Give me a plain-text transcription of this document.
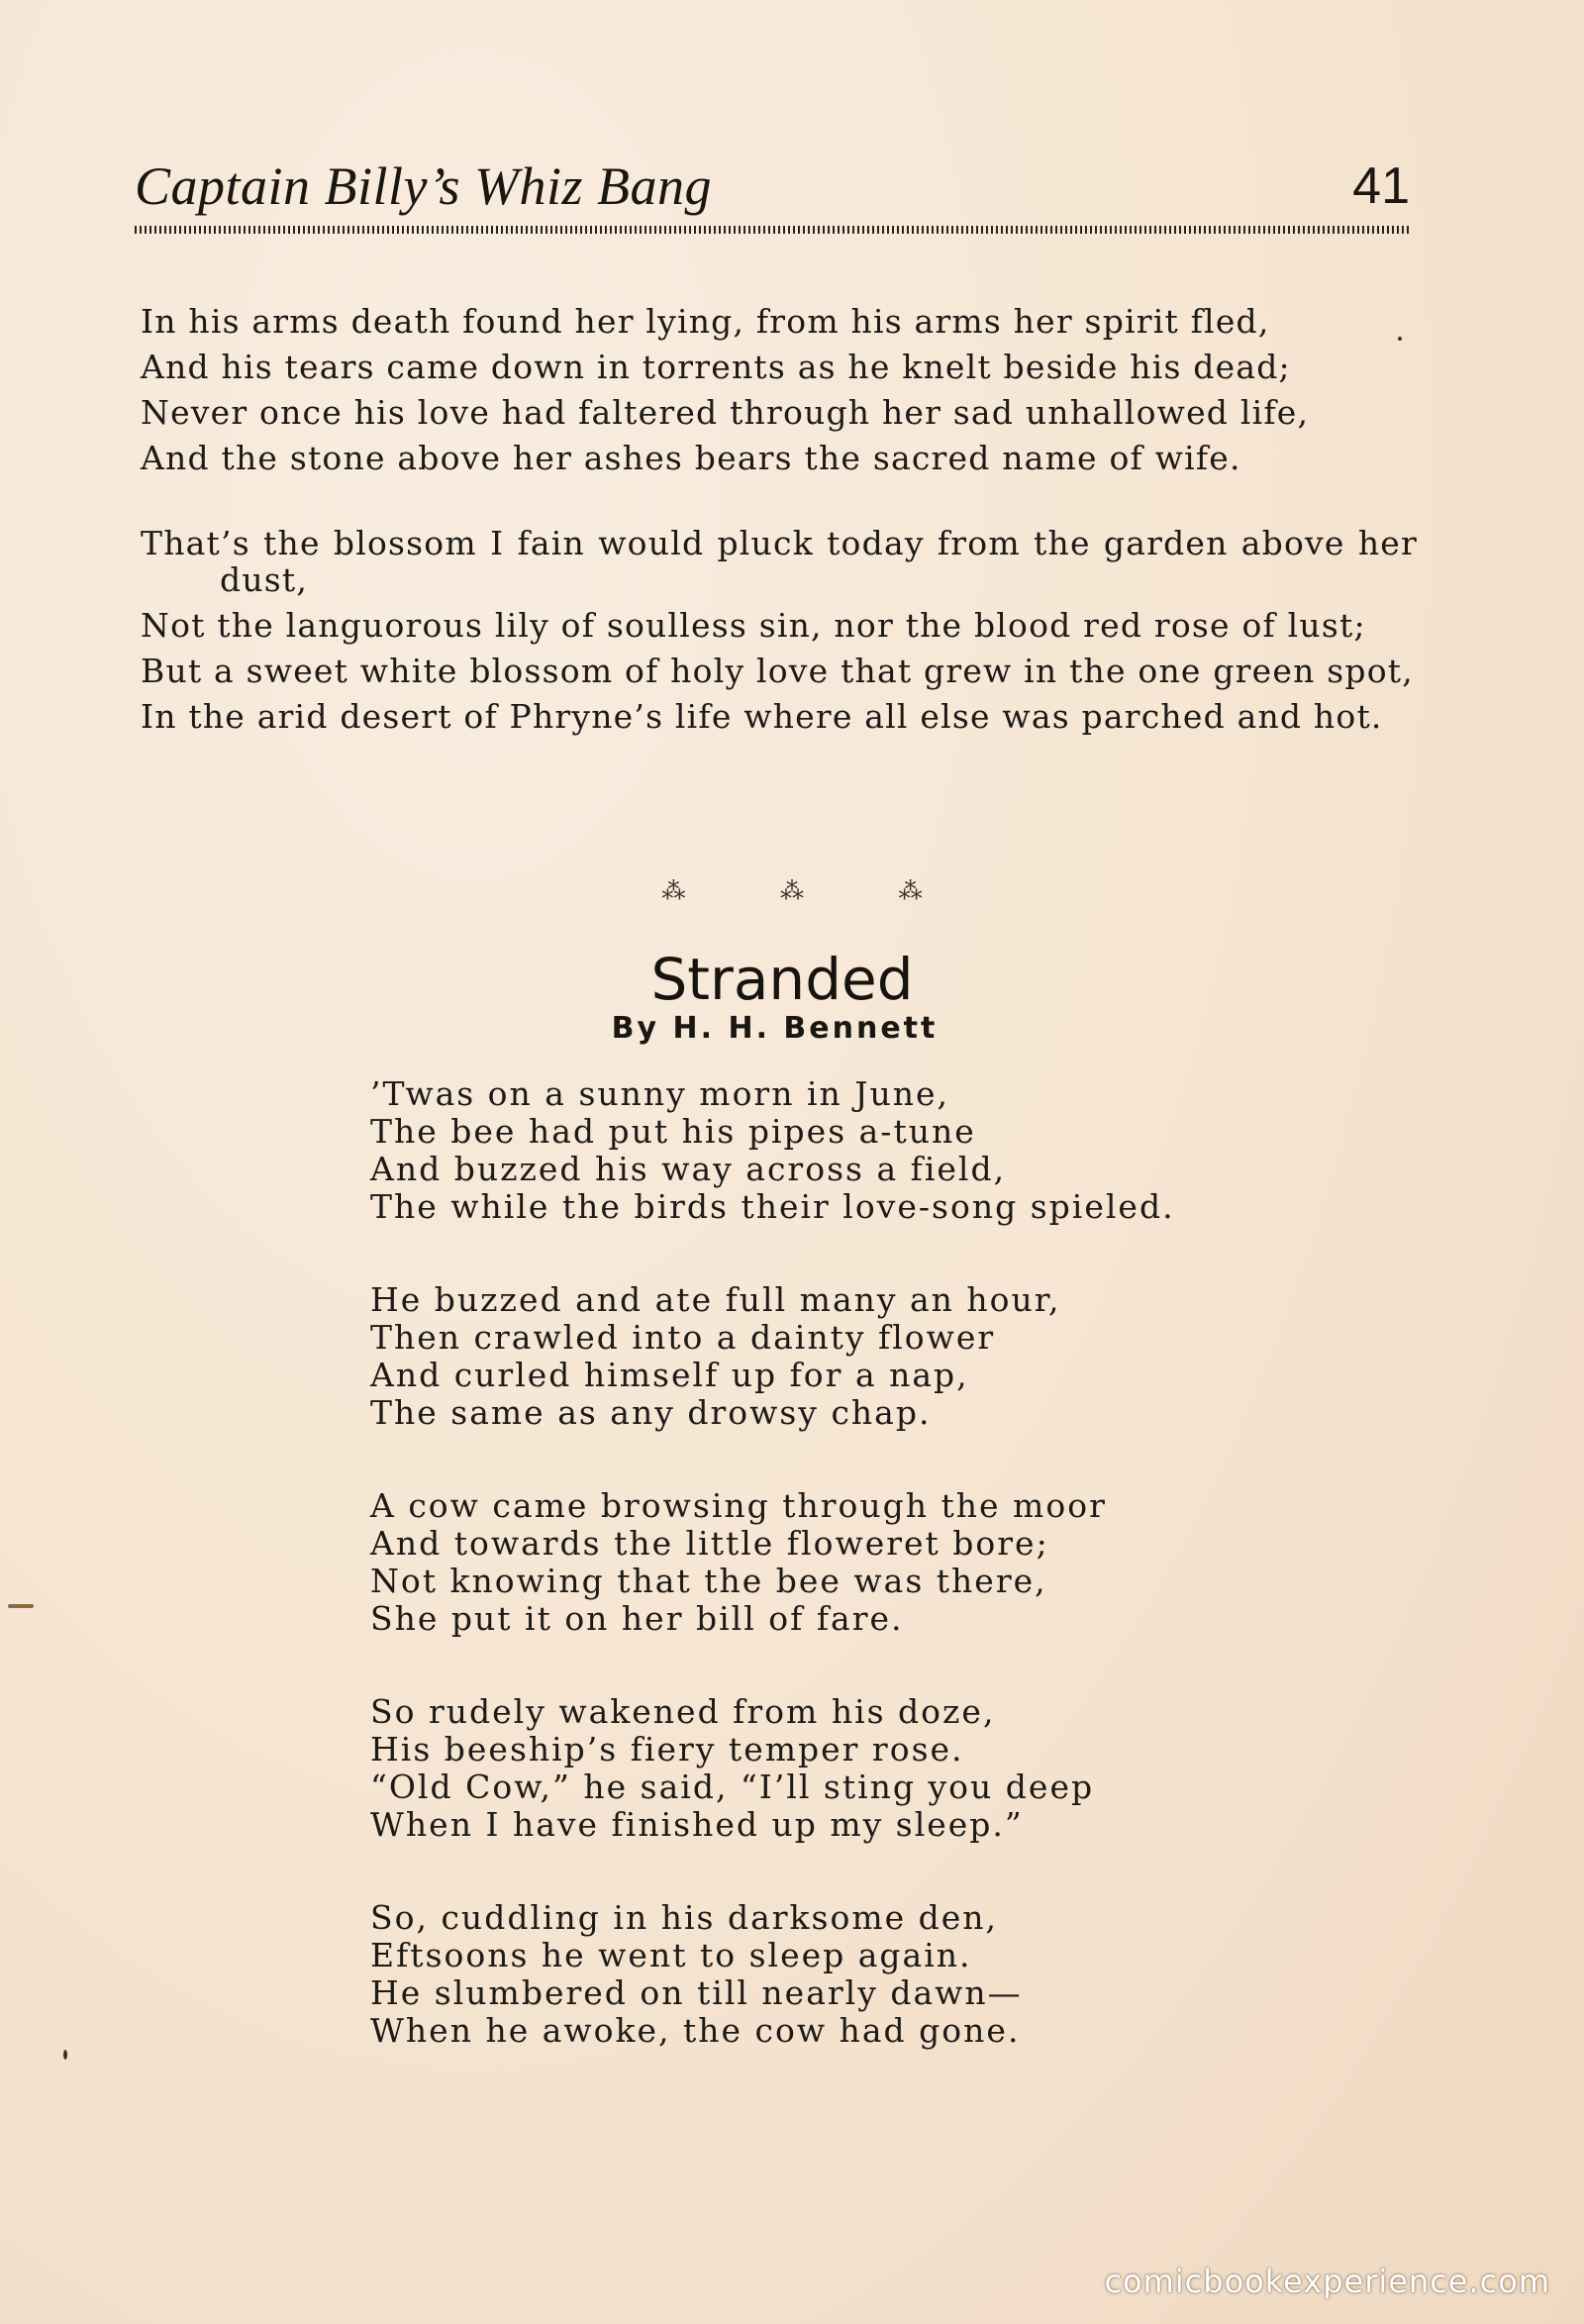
Captain Billy’s Whiz Bang	41
In his arms death found her lying, from his arms her spirit fled,
And his tears came down in torrents as he knelt beside his dead;
Never once his love had faltered through her sad unhallowed life,
And the stone above her ashes bears the sacred name of wife.
That’s the blossom I fain would pluck today from the garden above her dust,
Not the languorous lily of soulless sin, nor the blood red rose of lust;
But a sweet white blossom of holy love that grew in the one green spot,
In the arid desert of Phryne’s life where all else was parched and hot.
⁂	⁂	⁂
Stranded
By H. H. Bennett
’Twas on a sunny morn in June,
The bee had put his pipes a-tune
And buzzed his way across a field,
The while the birds their love-song spieled.
He buzzed and ate full many an hour,
Then crawled into a dainty flower
And curled himself up for a nap,
The same as any drowsy chap.
A cow came browsing through the moor
And towards the little floweret bore;
Not knowing that the bee was there,
She put it on her bill of fare.
So rudely wakened from his doze,
His beeship’s fiery temper rose.
“Old Cow,” he said, “I’ll sting you deep
When I have finished up my sleep.”
So, cuddling in his darksome den,
Eftsoons he went to sleep again.
He slumbered on till nearly dawn—
When he awoke, the cow had gone.
comicbookexperience.com
